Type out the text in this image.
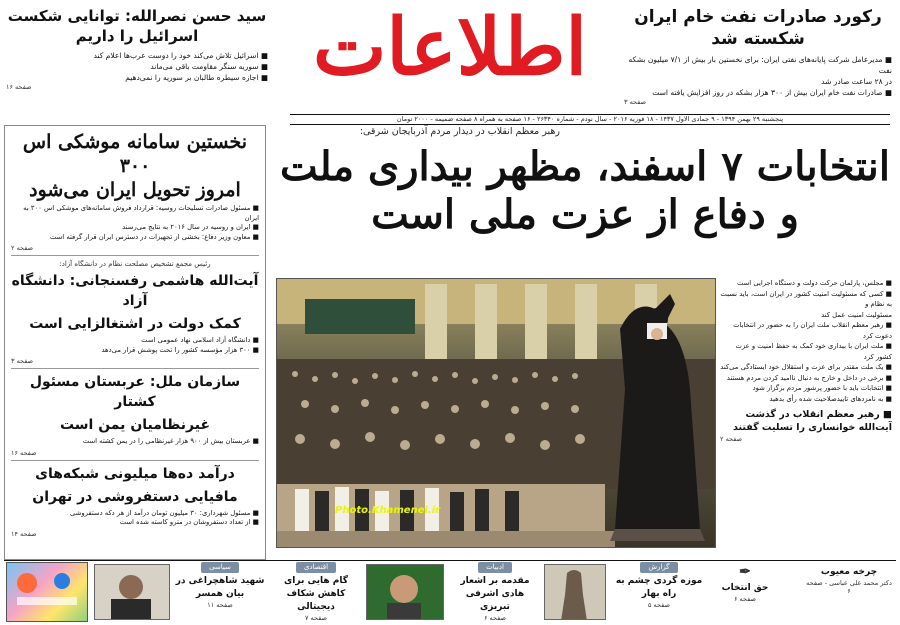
رکورد صادرات نفت خام ایران شکسته شد
■ مدیرعامل شرکت پایانه‌های نفتی ایران: برای نخستین بار بیش از ۷/۱ میلیون بشکه نفت
در ۲۸ ساعت صادر شد
■ صادرات نفت خام ایران بیش از ۳۰۰ هزار بشکه در روز افزایش یافته است
صفحه ۳
اطلاعات
سید حسن نصرالله: توانایی شکست اسرائیل را داریم
■ اسرائیل تلاش می‌کند خود را دوست عرب‌ها اعلام کند
■ سوریه سنگر مقاومت باقی می‌ماند
■ اجازه سیطره طالبان بر سوریه را نمی‌دهیم
صفحه ۱۶
پنجشنبه ۲۹ بهمن ۱۳۹۴ - ۹ جمادی الاول ۱۴۳۷ - ۱۸ فوریه ۲۰۱۶ - سال نودم - شماره ۲۶۳۴۰ - ۱۶ صفحه به همراه ۸ صفحه ضمیمه - ۲۰۰۰ تومان
نخستین سامانه موشکی اس ۳۰۰
امروز تحویل ایران می‌شود
■ مسئول صادرات تسلیحات روسیه: قرارداد فروش سامانه‌های موشکی اس ۳۰۰ به ایران
■ ایران و روسیه در سال ۲۰۱۶ به نتایج می‌رسند
■ معاون وزیر دفاع: بخشی از تجهیزات در دسترس ایران قرار گرفته است
صفحه ۲
رئیس مجمع تشخیص مصلحت نظام در دانشگاه آزاد:
آیت‌الله هاشمی رفسنجانی: دانشگاه آزاد
کمک دولت در اشتغالزایی است
■ دانشگاه آزاد اسلامی نهاد عمومی است
■ ۳۰۰ هزار مؤسسه کشور را تحت پوشش قرار می‌دهد
صفحه ۳
سازمان ملل: عربستان مسئول کشتار
غیرنظامیان یمن است
■ عربستان بیش از ۹۰۰ هزار غیرنظامی را در یمن کشته است
صفحه ۱۶
درآمد ده‌ها میلیونی شبکه‌های
مافیایی دستفروشی در تهران
■ مسئول شهرداری: ۳۰ میلیون تومان درآمد از هر دکه دستفروشی
■ از تعداد دستفروشان در مترو کاسته شده است
صفحه ۱۴
رهبر معظم انقلاب در دیدار مردم آذربایجان شرقی:
انتخابات ۷ اسفند، مظهر بیداری ملت
و دفاع از عزت ملی است
Photo.Khamenei.ir
■ مجلس، پارلمان حرکت دولت و دستگاه اجرایی است
■ کسی که مسئولیت امنیت کشور در ایران است، باید نسبت به نظام و
مسئولیت امنیت عمل کند
■ رهبر معظم انقلاب ملت ایران را به حضور در انتخابات دعوت کرد
■ ملت ایران با بیداری خود کمک به حفظ امنیت و عزت کشور کرد
■ یک ملت مقتدر برای عزت و استقلال خود ایستادگی می‌کند
■ برخی در داخل و خارج به دنبال ناامید کردن مردم هستند
■ انتخابات باید با حضور پرشور مردم برگزار شود
■ به نامزدهای تاییدصلاحیت شده رأی بدهید
■ رهبر معظم انقلاب در گذشت آیت‌الله خوانساری را تسلیت گفتند
صفحه ۲
چرخه معیوب
دکتر محمد علی عباسی - صفحه ۶
✒
حق انتخاب
صفحه ۶
گزارش
موزه گردی چشم به راه بهار
صفحه ۵
ادبیات
مقدمه بر اشعار هادی اشرفی تبریزی
صفحه ۶
اقتصادی
گام هایی برای کاهش شکاف دیجیتالی
صفحه ۷
سیاسی
شهید شاهچراغی در بیان همسر
صفحه ۱۱
